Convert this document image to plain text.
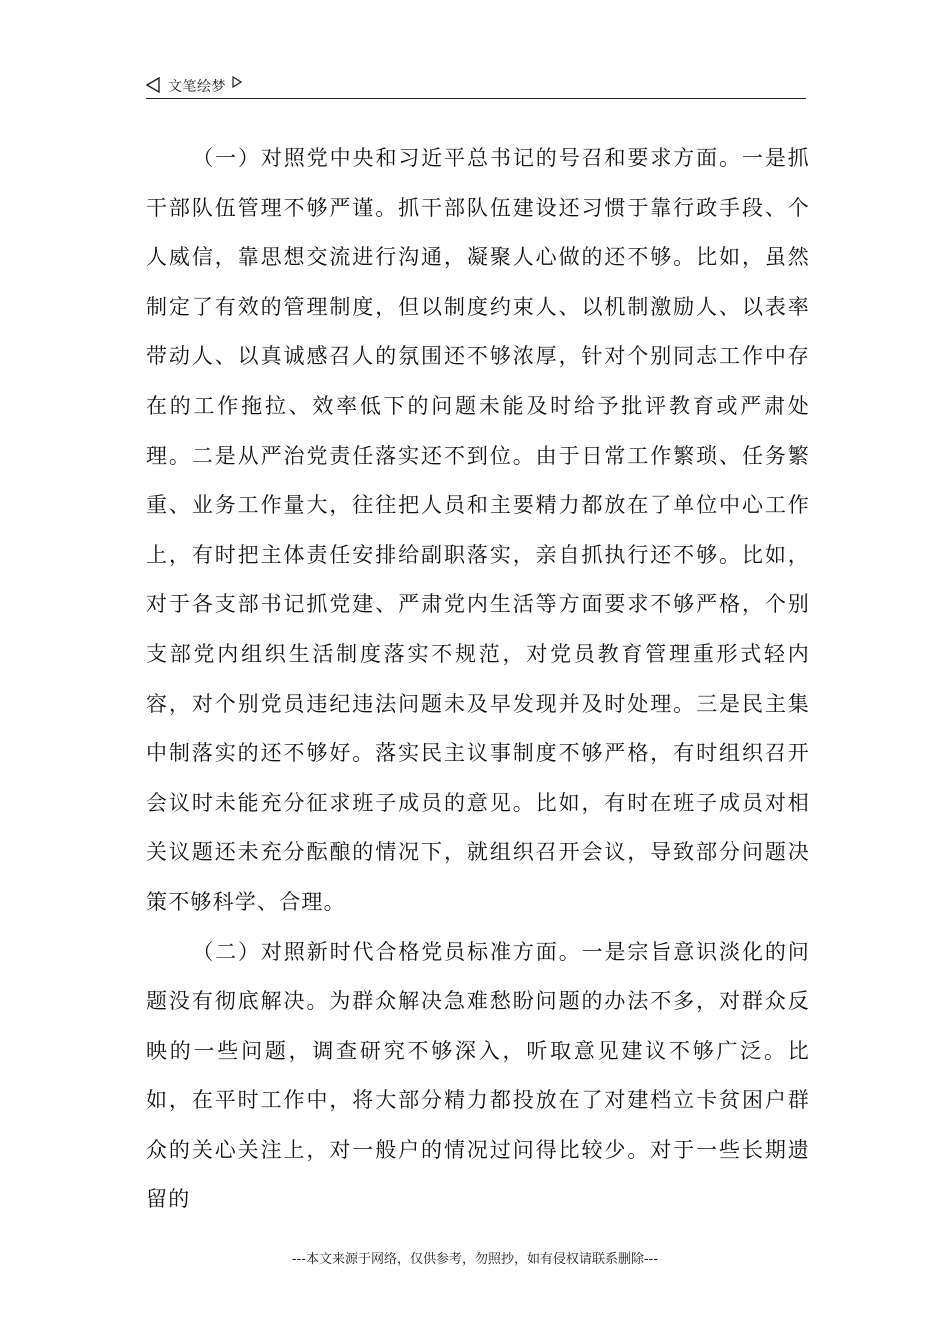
文笔绘梦

（一）对照党中央和习近平总书记的号召和要求方面。一是抓干部队伍管理不够严谨。抓干部队伍建设还习惯于靠行政手段、个人威信，靠思想交流进行沟通，凝聚人心做的还不够。比如，虽然制定了有效的管理制度，但以制度约束人、以机制激励人、以表率带动人、以真诚感召人的氛围还不够浓厚，针对个别同志工作中存在的工作拖拉、效率低下的问题未能及时给予批评教育或严肃处理。二是从严治党责任落实还不到位。由于日常工作繁琐、任务繁重、业务工作量大，往往把人员和主要精力都放在了单位中心工作上，有时把主体责任安排给副职落实，亲自抓执行还不够。比如，对于各支部书记抓党建、严肃党内生活等方面要求不够严格，个别支部党内组织生活制度落实不规范，对党员教育管理重形式轻内容，对个别党员违纪违法问题未及早发现并及时处理。三是民主集中制落实的还不够好。落实民主议事制度不够严格，有时组织召开会议时未能充分征求班子成员的意见。比如，有时在班子成员对相关议题还未充分酝酿的情况下，就组织召开会议，导致部分问题决策不够科学、合理。

（二）对照新时代合格党员标准方面。一是宗旨意识淡化的问题没有彻底解决。为群众解决急难愁盼问题的办法不多，对群众反映的一些问题，调查研究不够深入，听取意见建议不够广泛。比如，在平时工作中，将大部分精力都投放在了对建档立卡贫困户群众的关心关注上，对一般户的情况过问得比较少。对于一些长期遗留的

---本文来源于网络，仅供参考，勿照抄，如有侵权请联系删除---
